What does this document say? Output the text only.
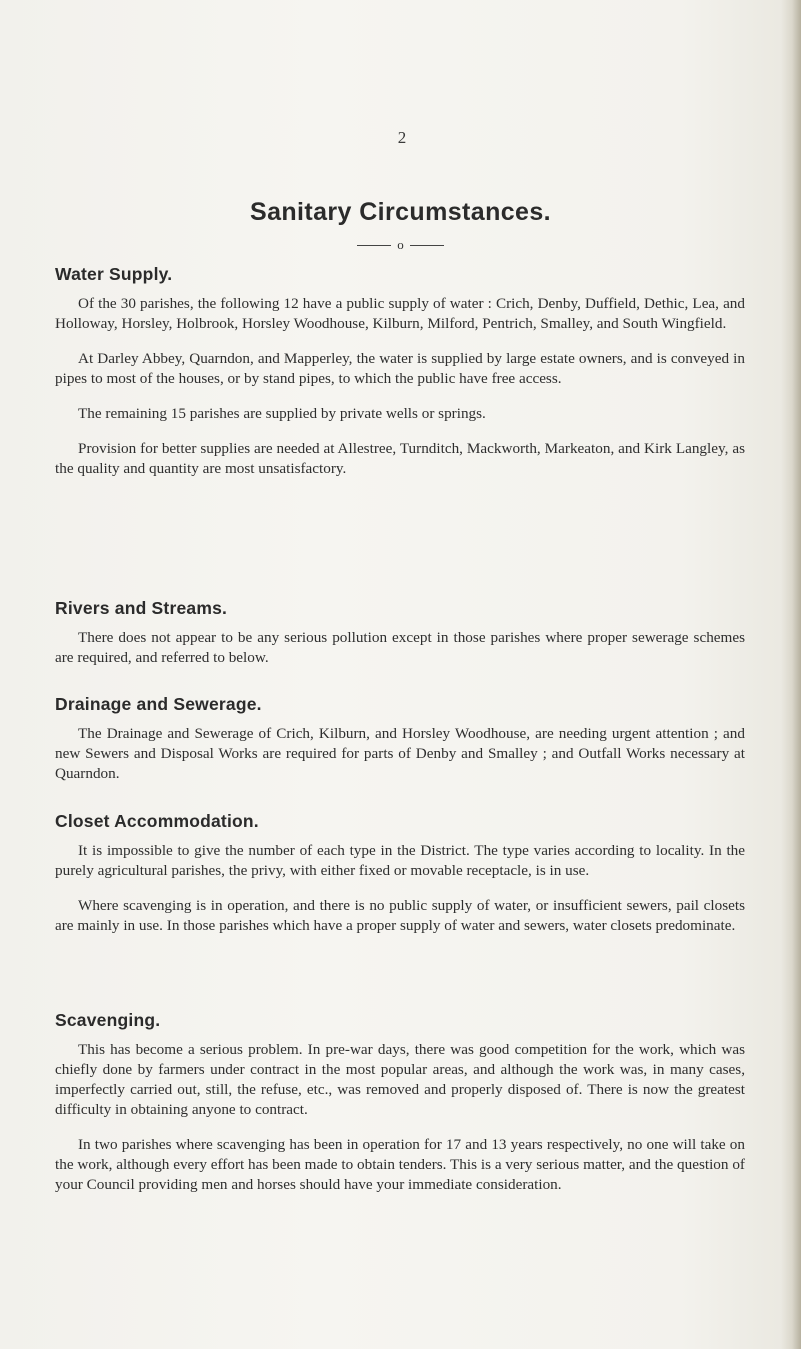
2
Sanitary Circumstances.
o
Water Supply.

Of the 30 parishes, the following 12 have a public supply of water : Crich, Denby, Duffield, Dethic, Lea, and Holloway, Horsley, Holbrook, Horsley Woodhouse, Kilburn, Milford, Pentrich, Smalley, and South Wingfield.

At Darley Abbey, Quarndon, and Mapperley, the water is supplied by large estate owners, and is conveyed in pipes to most of the houses, or by stand pipes, to which the public have free access.

The remaining 15 parishes are supplied by private wells or springs.

Provision for better supplies are needed at Allestree, Turnditch, Mackworth, Markeaton, and Kirk Langley, as the quality and quantity are most unsatisfactory.

Rivers and Streams.

There does not appear to be any serious pollution except in those parishes where proper sewerage schemes are required, and referred to below.

Drainage and Sewerage.

The Drainage and Sewerage of Crich, Kilburn, and Horsley Woodhouse, are needing urgent attention ; and new Sewers and Disposal Works are required for parts of Denby and Smalley ; and Outfall Works necessary at Quarndon.

Closet Accommodation.

It is impossible to give the number of each type in the District. The type varies according to locality. In the purely agricultural parishes, the privy, with either fixed or movable receptacle, is in use.

Where scavenging is in operation, and there is no public supply of water, or insufficient sewers, pail closets are mainly in use. In those parishes which have a proper supply of water and sewers, water closets predominate.

Scavenging.

This has become a serious problem. In pre-war days, there was good competition for the work, which was chiefly done by farmers under contract in the most popular areas, and although the work was, in many cases, imperfectly carried out, still, the refuse, etc., was removed and properly disposed of. There is now the greatest difficulty in obtaining anyone to contract.

In two parishes where scavenging has been in operation for 17 and 13 years respectively, no one will take on the work, although every effort has been made to obtain tenders. This is a very serious matter, and the question of your Council providing men and horses should have your immediate consideration.
